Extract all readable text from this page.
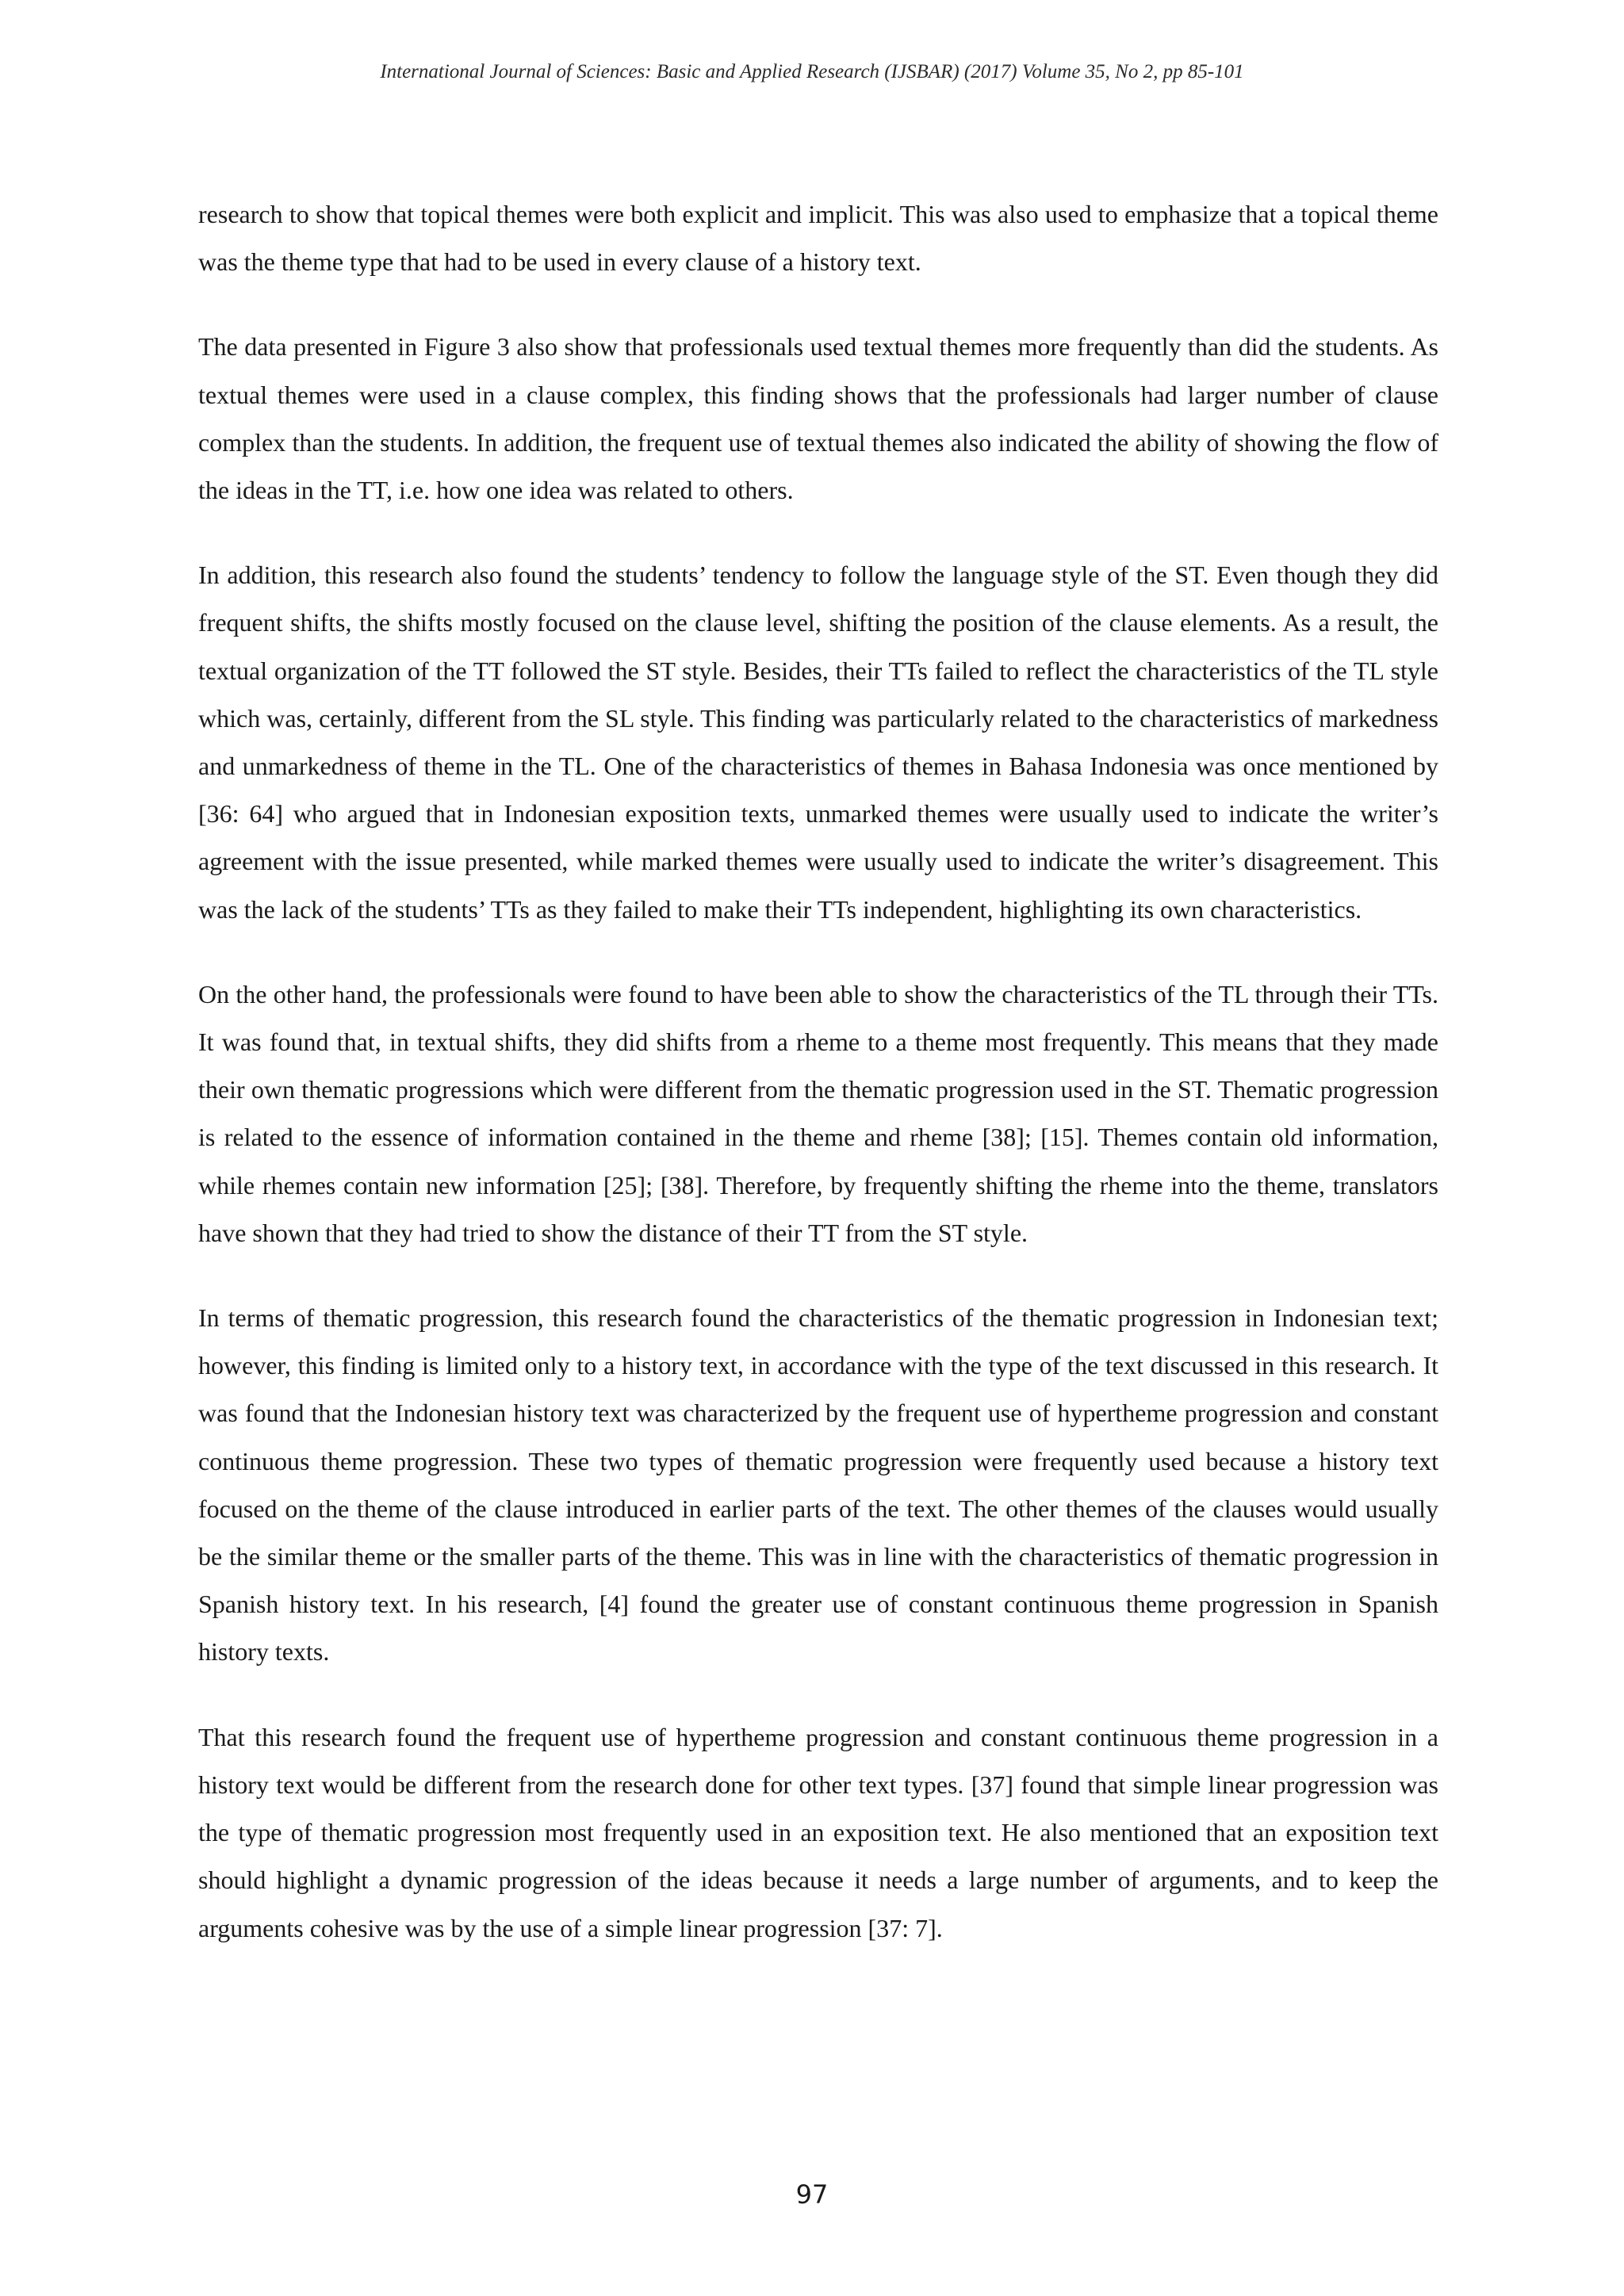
International Journal of Sciences: Basic and Applied Research (IJSBAR) (2017) Volume 35, No 2, pp 85-101

research to show that topical themes were both explicit and implicit. This was also used to emphasize that a topical theme was the theme type that had to be used in every clause of a history text.

The data presented in Figure 3 also show that professionals used textual themes more frequently than did the students. As textual themes were used in a clause complex, this finding shows that the professionals had larger number of clause complex than the students. In addition, the frequent use of textual themes also indicated the ability of showing the flow of the ideas in the TT, i.e. how one idea was related to others.

In addition, this research also found the students’ tendency to follow the language style of the ST. Even though they did frequent shifts, the shifts mostly focused on the clause level, shifting the position of the clause elements. As a result, the textual organization of the TT followed the ST style. Besides, their TTs failed to reflect the characteristics of the TL style which was, certainly, different from the SL style. This finding was particularly related to the characteristics of markedness and unmarkedness of theme in the TL. One of the characteristics of themes in Bahasa Indonesia was once mentioned by [36: 64] who argued that in Indonesian exposition texts, unmarked themes were usually used to indicate the writer’s agreement with the issue presented, while marked themes were usually used to indicate the writer’s disagreement. This was the lack of the students’ TTs as they failed to make their TTs independent, highlighting its own characteristics.

On the other hand, the professionals were found to have been able to show the characteristics of the TL through their TTs. It was found that, in textual shifts, they did shifts from a rheme to a theme most frequently. This means that they made their own thematic progressions which were different from the thematic progression used in the ST. Thematic progression is related to the essence of information contained in the theme and rheme [38]; [15]. Themes contain old information, while rhemes contain new information [25]; [38]. Therefore, by frequently shifting the rheme into the theme, translators have shown that they had tried to show the distance of their TT from the ST style.

In terms of thematic progression, this research found the characteristics of the thematic progression in Indonesian text; however, this finding is limited only to a history text, in accordance with the type of the text discussed in this research. It was found that the Indonesian history text was characterized by the frequent use of hypertheme progression and constant continuous theme progression. These two types of thematic progression were frequently used because a history text focused on the theme of the clause introduced in earlier parts of the text. The other themes of the clauses would usually be the similar theme or the smaller parts of the theme. This was in line with the characteristics of thematic progression in Spanish history text. In his research, [4] found the greater use of constant continuous theme progression in Spanish history texts.

That this research found the frequent use of hypertheme progression and constant continuous theme progression in a history text would be different from the research done for other text types. [37] found that simple linear progression was the type of thematic progression most frequently used in an exposition text. He also mentioned that an exposition text should highlight a dynamic progression of the ideas because it needs a large number of arguments, and to keep the arguments cohesive was by the use of a simple linear progression [37: 7].

97
